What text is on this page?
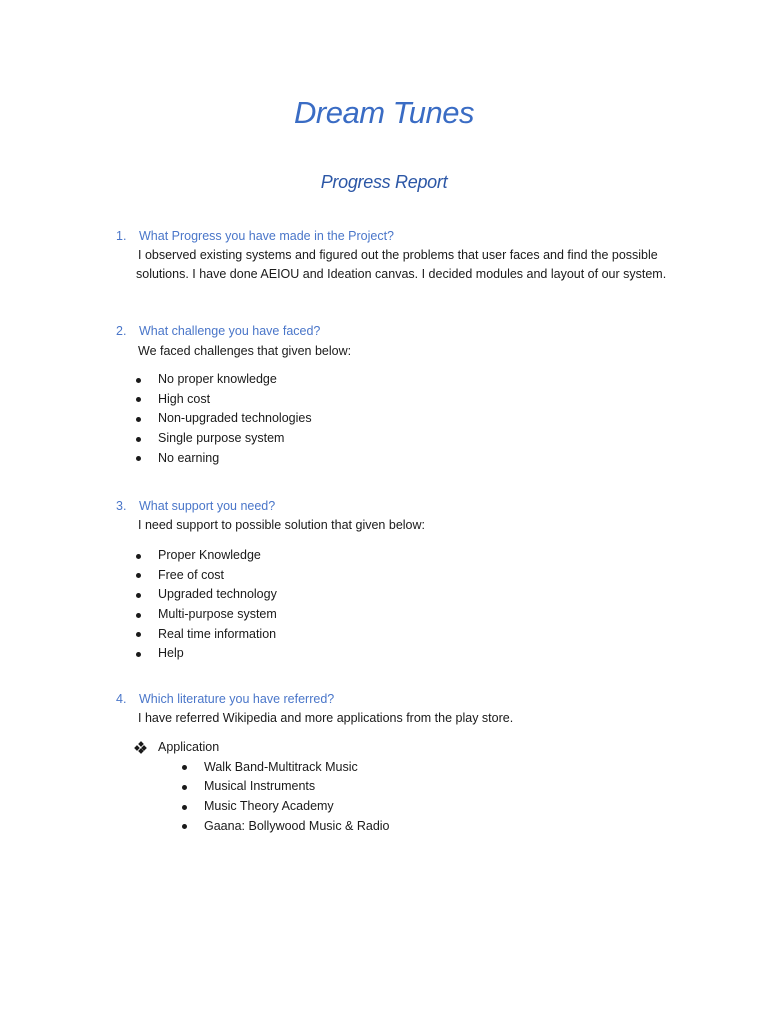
Dream Tunes
Progress Report
1. What Progress you have made in the Project?
I observed existing systems and figured out the problems that user faces and find the possible
solutions. I have done AEIOU and Ideation canvas. I decided modules and layout of our system.
2. What challenge you have faced?
We faced challenges that given below:
No proper knowledge
High cost
Non-upgraded technologies
Single purpose system
No earning
3. What support you need?
I need support to possible solution that given below:
Proper Knowledge
Free of cost
Upgraded technology
Multi-purpose system
Real time information
Help
4. Which literature you have referred?
I have referred Wikipedia and more applications from the play store.
Application
Walk Band-Multitrack Music
Musical Instruments
Music Theory Academy
Gaana: Bollywood Music & Radio
